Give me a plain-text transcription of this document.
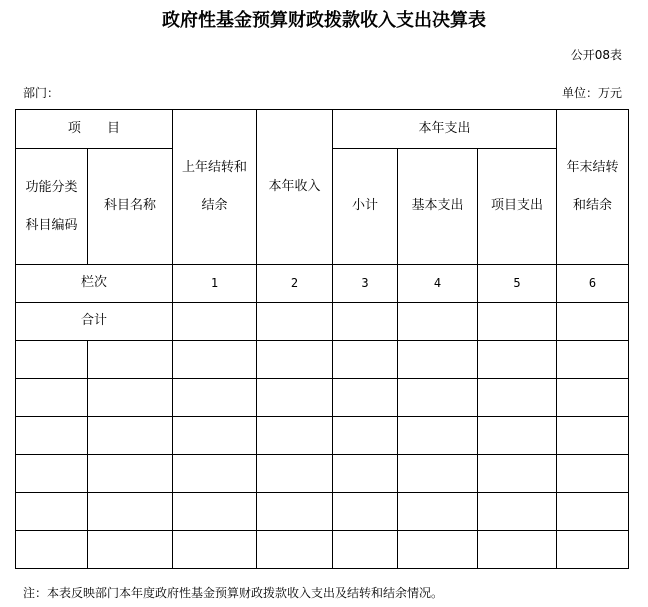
政府性基金预算财政拨款收入支出决算表
公开08表
部门：	单位：万元
项 目		上年结转和结余	本年收入	本年支出			年末结转和结余

功能分类科目编码	科目名称			小计	基本支出	项目支出	
栏次		1	2	3	4	5	6
合计							

注：本表反映部门本年度政府性基金预算财政拨款收入支出及结转和结余情况。
